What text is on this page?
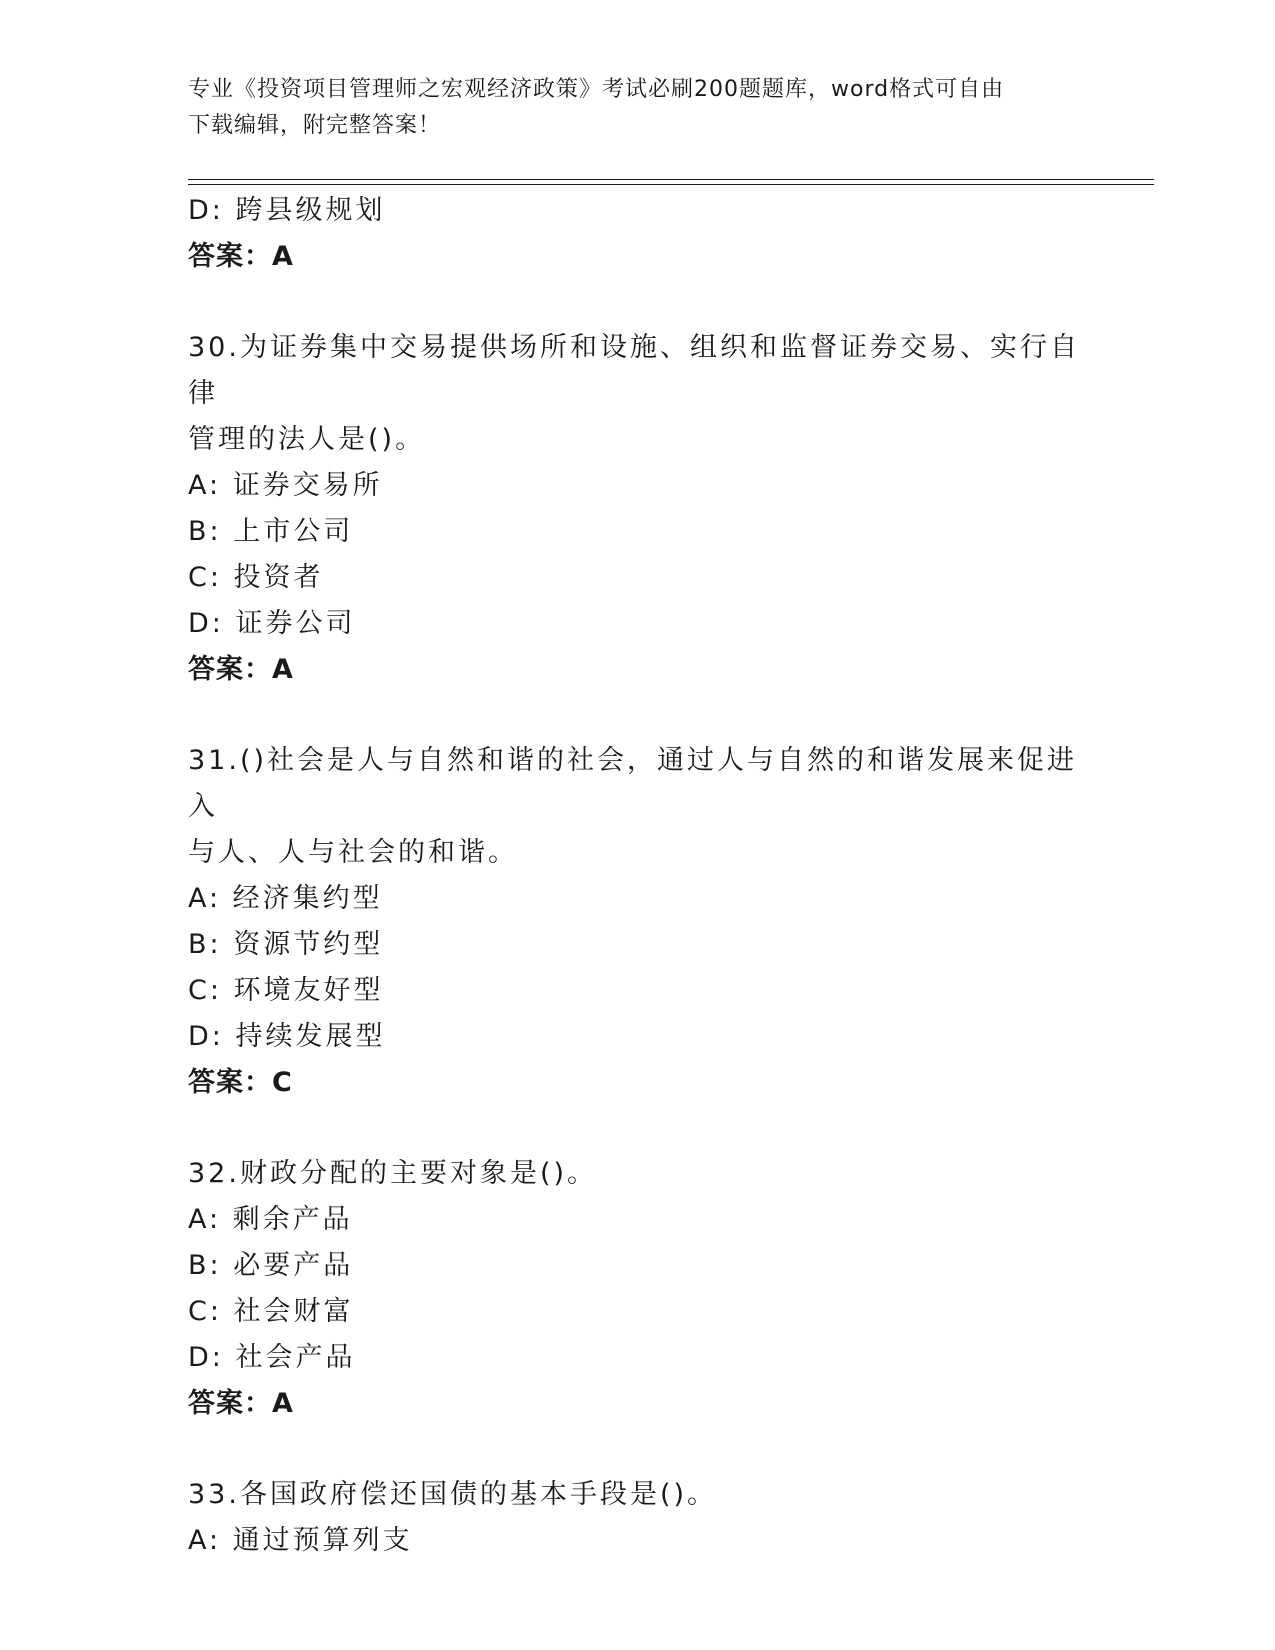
专业《投资项目管理师之宏观经济政策》考试必刷200题题库，word格式可自由
下载编辑，附完整答案！
D: 跨县级规划
答案：A
30.为证券集中交易提供场所和设施、组织和监督证券交易、实行自律
管理的法人是()。
A: 证券交易所
B: 上市公司
C: 投资者
D: 证券公司
答案：A
31.()社会是人与自然和谐的社会，通过人与自然的和谐发展来促进入
与人、人与社会的和谐。
A: 经济集约型
B: 资源节约型
C: 环境友好型
D: 持续发展型
答案：C
32.财政分配的主要对象是()。
A: 剩余产品
B: 必要产品
C: 社会财富
D: 社会产品
答案：A
33.各国政府偿还国债的基本手段是()。
A: 通过预算列支
